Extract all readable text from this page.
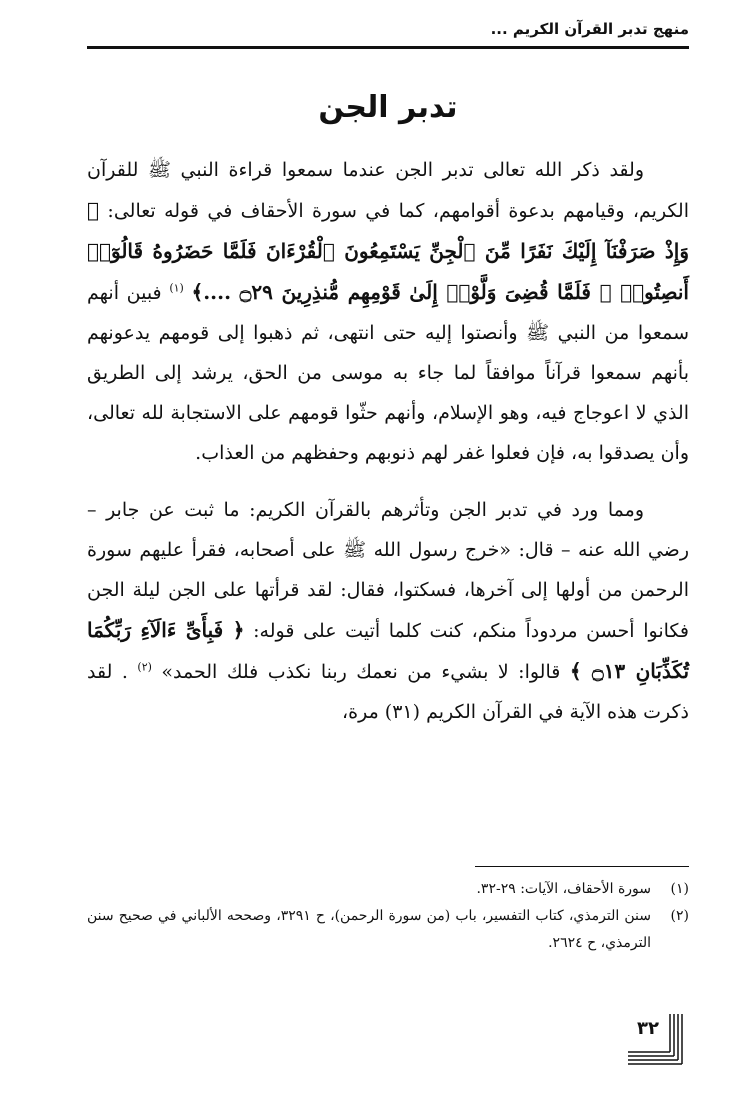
منهج تدبر القرآن الكريم ...
تدبر الجن

ولقد ذكر الله تعالى تدبر الجن عندما سمعوا قراءة النبي ﷺ للقرآن الكريم، وقيامهم بدعوة أقوامهم، كما في سورة الأحقاف في قوله تعالى: ﴿ وَإِذْ صَرَفْنَآ إِلَيْكَ نَفَرًا مِّنَ ٱلْجِنِّ يَسْتَمِعُونَ ٱلْقُرْءَانَ فَلَمَّا حَضَرُوهُ قَالُوٓا۟ أَنصِتُوا۟ ۖ فَلَمَّا قُضِىَ وَلَّوْا۟ إِلَىٰ قَوْمِهِم مُّنذِرِينَ ۝٢٩ ....﴾ $^{(١)}$ فبين أنهم سمعوا من النبي ﷺ وأنصتوا إليه حتى انتهى، ثم ذهبوا إلى قومهم يدعونهم بأنهم سمعوا قرآناً موافقاً لما جاء به موسى من الحق، يرشد إلى الطريق الذي لا اعوجاج فيه، وهو الإسلام، وأنهم حثّوا قومهم على الاستجابة لله تعالى، وأن يصدقوا به، فإن فعلوا غفر لهم ذنوبهم وحفظهم من العذاب.

ومما ورد في تدبر الجن وتأثرهم بالقرآن الكريم: ما ثبت عن جابر – رضي الله عنه – قال: «خرج رسول الله ﷺ على أصحابه، فقرأ عليهم سورة الرحمن من أولها إلى آخرها، فسكتوا، فقال: لقد قرأتها على الجن ليلة الجن فكانوا أحسن مردوداً منكم، كنت كلما أتيت على قوله: ﴿ فَبِأَىِّ ءَالَآءِ رَبِّكُمَا تُكَذِّبَانِ ۝١٣ ﴾ قالوا: لا بشيء من نعمك ربنا نكذب فلك الحمد» $^{(٢)}$ . لقد ذكرت هذه الآية في القرآن الكريم (٣١) مرة،

(١)
سورة الأحقاف، الآيات: ٢٩-٣٢.
(٢)
سنن الترمذي، كتاب التفسير، باب (من سورة الرحمن)، ح ٣٢٩١، وصححه الألباني في صحيح سنن الترمذي، ح ٢٦٢٤.
٣٢
